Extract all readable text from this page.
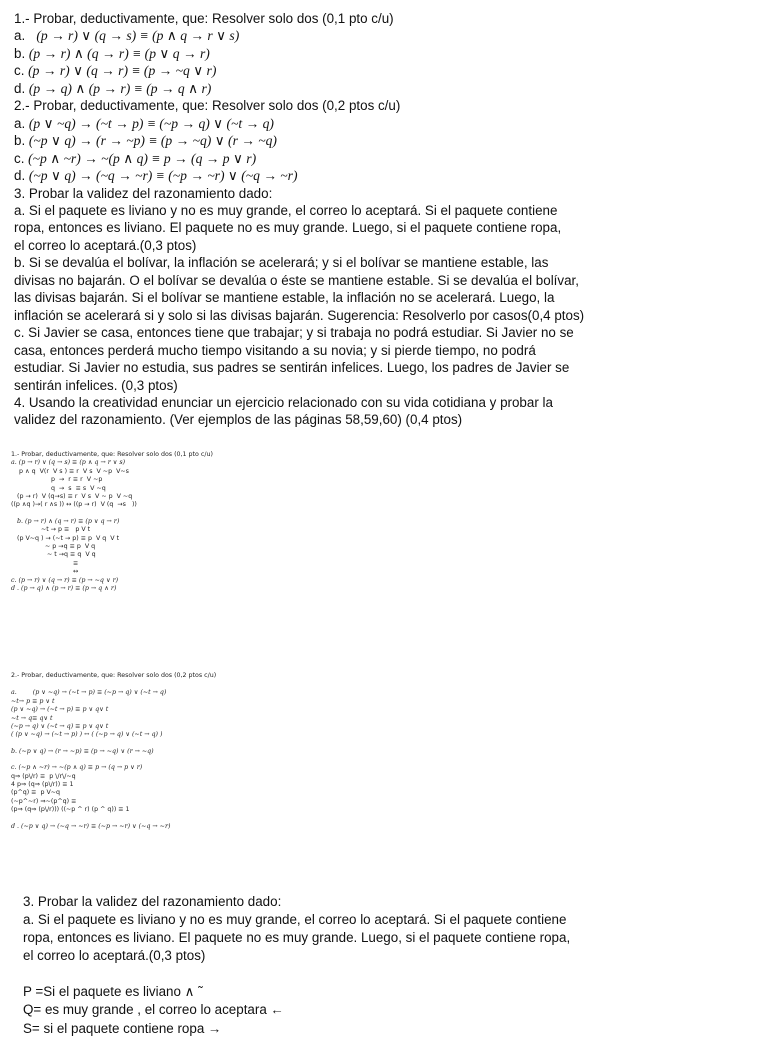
1.- Probar, deductivamente, que: Resolver solo dos (0,1 pto c/u)
a. (p → r) ∨ (q → s) ≡ (p ∧ q → r ∨ s)
b. (p → r) ∧ (q → r) ≡ (p ∨ q → r)
c. (p → r) ∨ (q → r) ≡ (p → ~q ∨ r)
d. (p → q) ∧ (p → r) ≡ (p → q ∧ r)
2.- Probar, deductivamente, que: Resolver solo dos (0,2 ptos c/u)
a. (p ∨ ~q) → (~t → p) ≡ (~p → q) ∨ (~t → q)
b. (~p ∨ q) → (r → ~p) ≡ (p → ~q) ∨ (r → ~q)
c. (~p ∧ ~r) → ~(p ∧ q) ≡ p → (q → p ∨ r)
d. (~p ∨ q) → (~q → ~r) ≡ (~p → ~r) ∨ (~q → ~r)
3. Probar la validez del razonamiento dado:
a. Si el paquete es liviano y no es muy grande, el correo lo aceptará. Si el paquete contiene
ropa, entonces es liviano. El paquete no es muy grande. Luego, si el paquete contiene ropa,
el correo lo aceptará.(0,3 ptos)
b. Si se devalúa el bolívar, la inflación se acelerará; y si el bolívar se mantiene estable, las
divisas no bajarán. O el bolívar se devalúa o éste se mantiene estable. Si se devalúa el bolívar,
las divisas bajarán. Si el bolívar se mantiene estable, la inflación no se acelerará. Luego, la
inflación se acelerará si y solo si las divisas bajarán. Sugerencia: Resolverlo por casos(0,4 ptos)
c. Si Javier se casa, entonces tiene que trabajar; y si trabaja no podrá estudiar. Si Javier no se
casa, entonces perderá mucho tiempo visitando a su novia; y si pierde tiempo, no podrá
estudiar. Si Javier no estudia, sus padres se sentirán infelices. Luego, los padres de Javier se
sentirán infelices. (0,3 ptos)
4. Usando la creatividad enunciar un ejercicio relacionado con su vida cotidiana y probar la
validez del razonamiento. (Ver ejemplos de las páginas 58,59,60) (0,4 ptos)
1.- Probar, deductivamente, que: Resolver solo dos (0,1 pto c/u)
a. (p → r) ∨ (q → s) ≡ (p ∧ q → r ∨ s)
p ∧ q  V(r  V s ) ≡ r  V s  V ~p  V~s
p  →  r ≡ r  V ~p
q  →  s  ≡ s  V ~q
(p → r)  V (q→s) ≡ r  V s  V ~ p  V ~q
((p ∧q )→( r ∧s )) ↔ ((p → r)  V (q  →s   ))
b. (p → r) ∧ (q → r) ≡ (p ∨ q → r)
~t → p ≡   p V t
(p V~q ) → (~t → p) ≡ p  V q  V t
~ p →q ≡ p  V q
~ t →q ≡ q  V q
≡
↔
c. (p → r) ∨ (q → r) ≡ (p → ~q ∨ r)
d . (p → q) ∧ (p → r) ≡ (p → q ∧ r)
2.- Probar, deductivamente, que: Resolver solo dos (0,2 ptos c/u)
a.        (p ∨ ~q) → (~t → p) ≡ (~p → q) ∨ (~t → q)
~t→ p ≡ p ∨ t
(p ∨ ~q) → (~t → p) ≡ p ∨ q∨ t
~t → q≡ q∨ t
(~p → q) ∨ (~t → q) ≡ p ∨ q∨ t
( (p ∨ ~q) → (~t → p) ) ↔ ( (~p → q) ∨ (~t → q) )
b. (~p ∨ q) → (r → ~p) ≡ (p → ~q) ∨ (r → ~q)
c. (~p ∧ ~r) → ~(p ∧ q) ≡ p → (q → p ∨ r)
q⇒ (p\/r) ≡  p \/r\/~q
4 p⇒ (q⇒ (p\/r)) ≡ 1
(p^q) ≡  p V~q
(~p^~r) ⇒~(p^q) ≡
(p⇒ (q⇒ (p\/r))) ((~p ^ r) (p ^ q)) ≡ 1
d . (~p ∨ q) → (~q → ~r) ≡ (~p → ~r) ∨ (~q → ~r)
3. Probar la validez del razonamiento dado:
a. Si el paquete es liviano y no es muy grande, el correo lo aceptará. Si el paquete contiene
ropa, entonces es liviano. El paquete no es muy grande. Luego, si el paquete contiene ropa,
el correo lo aceptará.(0,3 ptos)
P =Si el paquete es liviano ∧ ̃
Q= es muy grande , el correo lo aceptara ←
S= si el paquete contiene ropa →
